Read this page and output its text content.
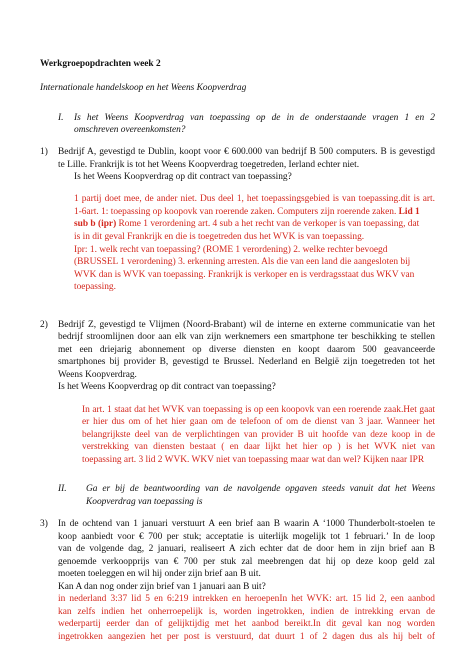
Werkgroepopdrachten week 2
Internationale handelskoop en het Weens Koopverdrag
I. Is het Weens Koopverdrag van toepassing op de in de onderstaande vragen 1 en 2
omschreven overeenkomsten?
1) Bedrijf A, gevestigd te Dublin, koopt voor € 600.000 van bedrijf B 500 computers. B is gevestigd
te Lille. Frankrijk is tot het Weens Koopverdrag toegetreden, Ierland echter niet.
Is het Weens Koopverdrag op dit contract van toepassing?
1 partij doet mee, de ander niet. Dus deel 1, het toepassingsgebied is van toepassing.dit is art.
1-6art. 1: toepassing op koopovk van roerende zaken. Computers zijn roerende zaken. Lid 1
sub b (ipr) Rome 1 verordening art. 4 sub a het recht van de verkoper is van toepassing, dat
is in dit geval Frankrijk en die is toegetreden dus het WVK is van toepassing.
Ipr: 1. welk recht van toepassing? (ROME 1 verordening) 2. welke rechter bevoegd
(BRUSSEL 1 verordening) 3. erkenning arresten. Als die van een land die aangesloten bij
WVK dan is WVK van toepassing. Frankrijk is verkoper en is verdragsstaat dus WKV van
toepassing.
2) Bedrijf Z, gevestigd te Vlijmen (Noord-Brabant) wil de interne en externe communicatie van het
bedrijf stroomlijnen door aan elk van zijn werknemers een smartphone ter beschikking te stellen
met een driejarig abonnement op diverse diensten en koopt daarom 500 geavanceerde
smartphones bij provider B, gevestigd te Brussel. Nederland en België zijn toegetreden tot het
Weens Koopverdrag.
Is het Weens Koopverdrag op dit contract van toepassing?
In art. 1 staat dat het WVK van toepassing is op een koopovk van een roerende zaak.Het gaat
er hier dus om of het hier gaan om de telefoon of om de dienst van 3 jaar. Wanneer het
belangrijkste deel van de verplichtingen van provider B uit hoofde van deze koop in de
verstrekking van diensten bestaat ( en daar lijkt het hier op ) is het WVK niet van
toepassing art. 3 lid 2 WVK. WKV niet van toepassing maar wat dan wel? Kijken naar IPR
II. Ga er bij de beantwoording van de navolgende opgaven steeds vanuit dat het Weens
Koopverdrag van toepassing is
3) In de ochtend van 1 januari verstuurt A een brief aan B waarin A ‘1000 Thunderbolt-stoelen te
koop aanbiedt voor € 700 per stuk; acceptatie is uiterlijk mogelijk tot 1 februari.’ In de loop
van de volgende dag, 2 januari, realiseert A zich echter dat de door hem in zijn brief aan B
genoemde verkoopprijs van € 700 per stuk zal meebrengen dat hij op deze koop geld zal
moeten toeleggen en wil hij onder zijn brief aan B uit.
Kan A dan nog onder zijn brief van 1 januari aan B uit?
in nederland 3:37 lid 5 en 6:219 intrekken en heroepenIn het WVK: art. 15 lid 2, een aanbod
kan zelfs indien het onherroepelijk is, worden ingetrokken, indien de intrekking ervan de
wederpartij eerder dan of gelijktijdig met het aanbod bereikt.In dit geval kan nog worden
ingetrokken aangezien het per post is verstuurd, dat duurt 1 of 2 dagen dus als hij belt of
